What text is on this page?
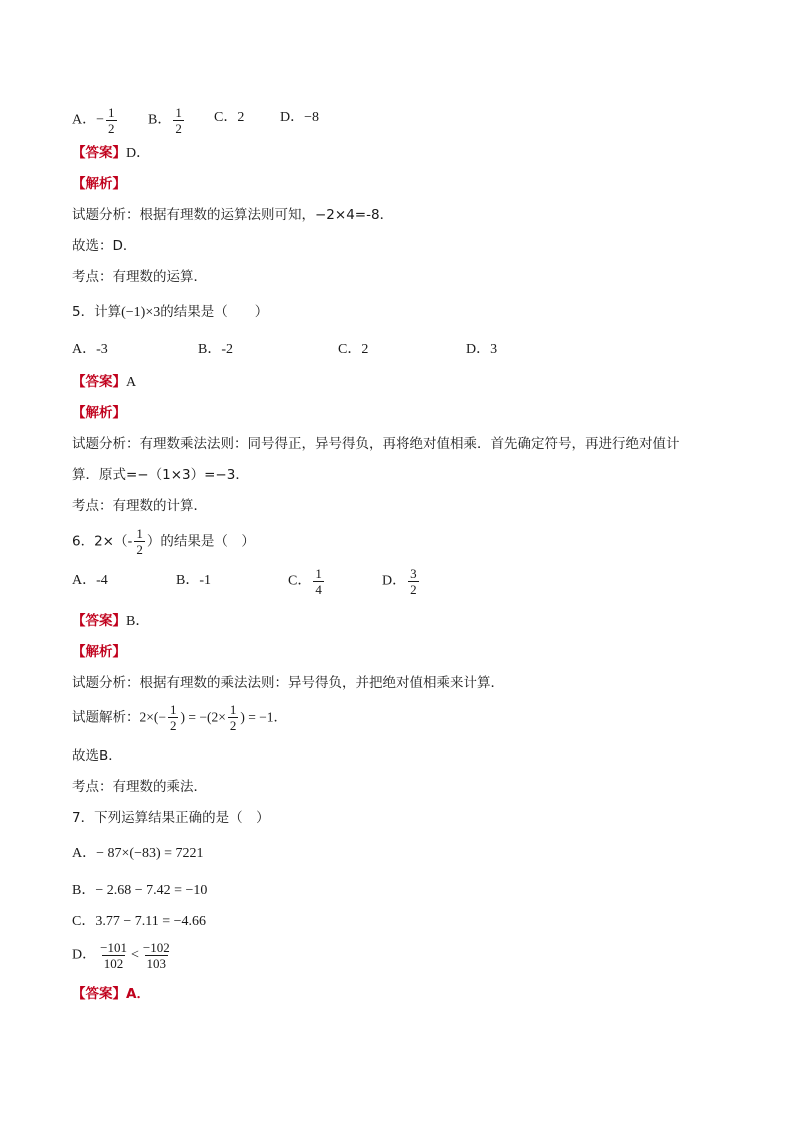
A．− $\frac{1}{2}$ B． $\frac{1}{2}$ C．2	D．−8
【答案】D．
【解析】
试题分析：根据有理数的运算法则可知，−2×4=-8．
故选：D．
考点：有理数的运算．
5．计算(−1)×3的结果是（　　）
A．-3	B．-2	C．2	D．3
【答案】A
【解析】
试题分析：有理数乘法法则：同号得正，异号得负，再将绝对值相乘．首先确定符号，再进行绝对值计
算．原式=−（1×3）=−3．
考点：有理数的计算．
6．$2\times(- \frac{1}{2}$ ）的结果是（　）
A．-4	B．-1	C． $\frac{1}{4}$	D． $\frac{3}{2}$
【答案】B．
【解析】
试题分析：根据有理数的乘法法则：异号得负，并把绝对值相乘来计算．
试题解析：$2\times(- \frac{1}{2}$ ) = $-(2\times \frac{1}{2}$ ) = −1．
故选B．
考点：有理数的乘法．
7．下列运算结果正确的是（　）
A．− 87×(−83) = 7221
B．− 2.68 − 7.42 = −10
C．3.77 − 7.11 = −4.66
D． $\frac{-101}{102} < \frac{-102}{103}$
【答案】A．
